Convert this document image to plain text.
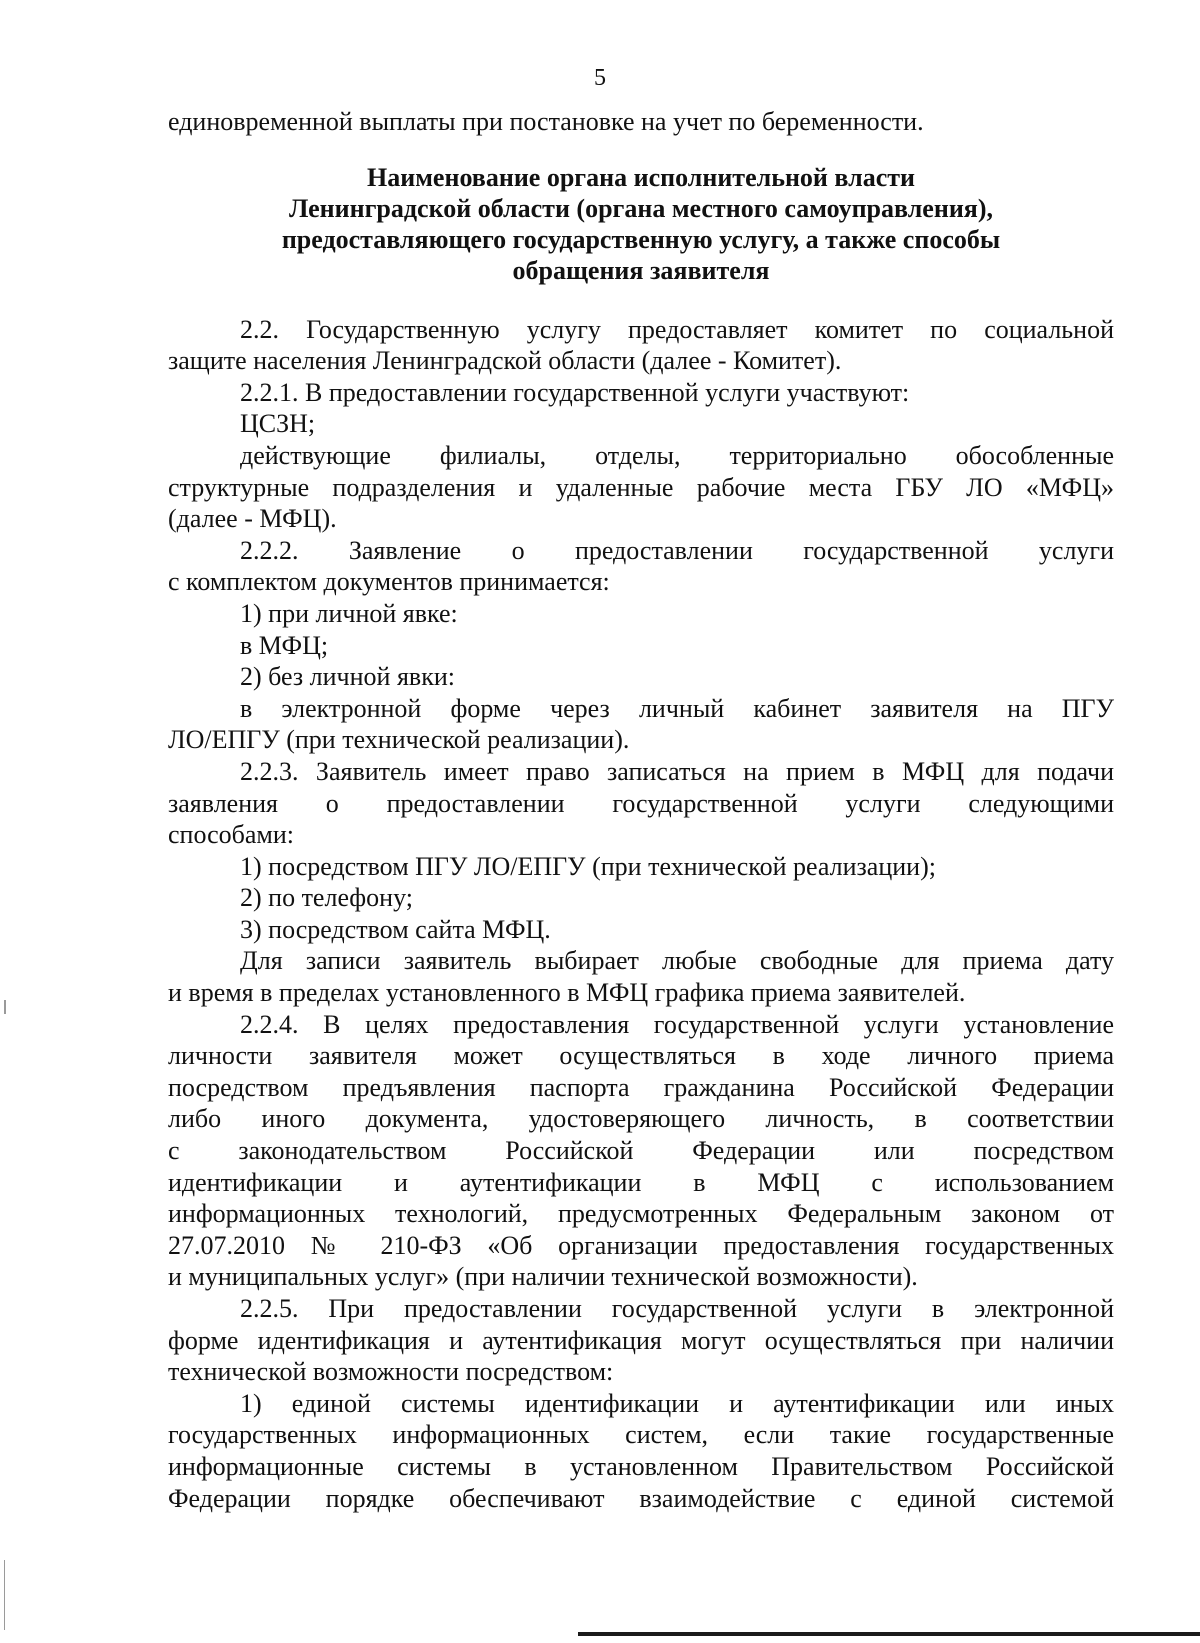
5

единовременной выплаты при постановке на учет по беременности.

Наименование органа исполнительной власти
Ленинградской области (органа местного самоуправления),
предоставляющего государственную услугу, а также способы
обращения заявителя

2.2. Государственную услугу предоставляет комитет по социальной

защите населения Ленинградской области (далее - Комитет).

2.2.1. В предоставлении государственной услуги участвуют:

ЦСЗН;

действующие филиалы, отделы, территориально обособленные

структурные подразделения и удаленные рабочие места ГБУ ЛО «МФЦ»

(далее - МФЦ).

2.2.2. Заявление о предоставлении государственной услуги

с комплектом документов принимается:

1) при личной явке:

в МФЦ;

2) без личной явки:

в электронной форме через личный кабинет заявителя на ПГУ

ЛО/ЕПГУ (при технической реализации).

2.2.3. Заявитель имеет право записаться на прием в МФЦ для подачи

заявления о предоставлении государственной услуги следующими

способами:

1) посредством ПГУ ЛО/ЕПГУ (при технической реализации);

2) по телефону;

3) посредством сайта МФЦ.

Для записи заявитель выбирает любые свободные для приема дату

и время в пределах установленного в МФЦ графика приема заявителей.

2.2.4. В целях предоставления государственной услуги установление

личности заявителя может осуществляться в ходе личного приема

посредством предъявления паспорта гражданина Российской Федерации

либо иного документа, удостоверяющего личность, в соответствии

с законодательством Российской Федерации или посредством

идентификации и аутентификации в МФЦ с использованием

информационных технологий, предусмотренных Федеральным законом от

27.07.2010 № 210-ФЗ «Об организации предоставления государственных

и муниципальных услуг» (при наличии технической возможности).

2.2.5. При предоставлении государственной услуги в электронной

форме идентификация и аутентификация могут осуществляться при наличии

технической возможности посредством:

1) единой системы идентификации и аутентификации или иных

государственных информационных систем, если такие государственные

информационные системы в установленном Правительством Российской

Федерации порядке обеспечивают взаимодействие с единой системой
